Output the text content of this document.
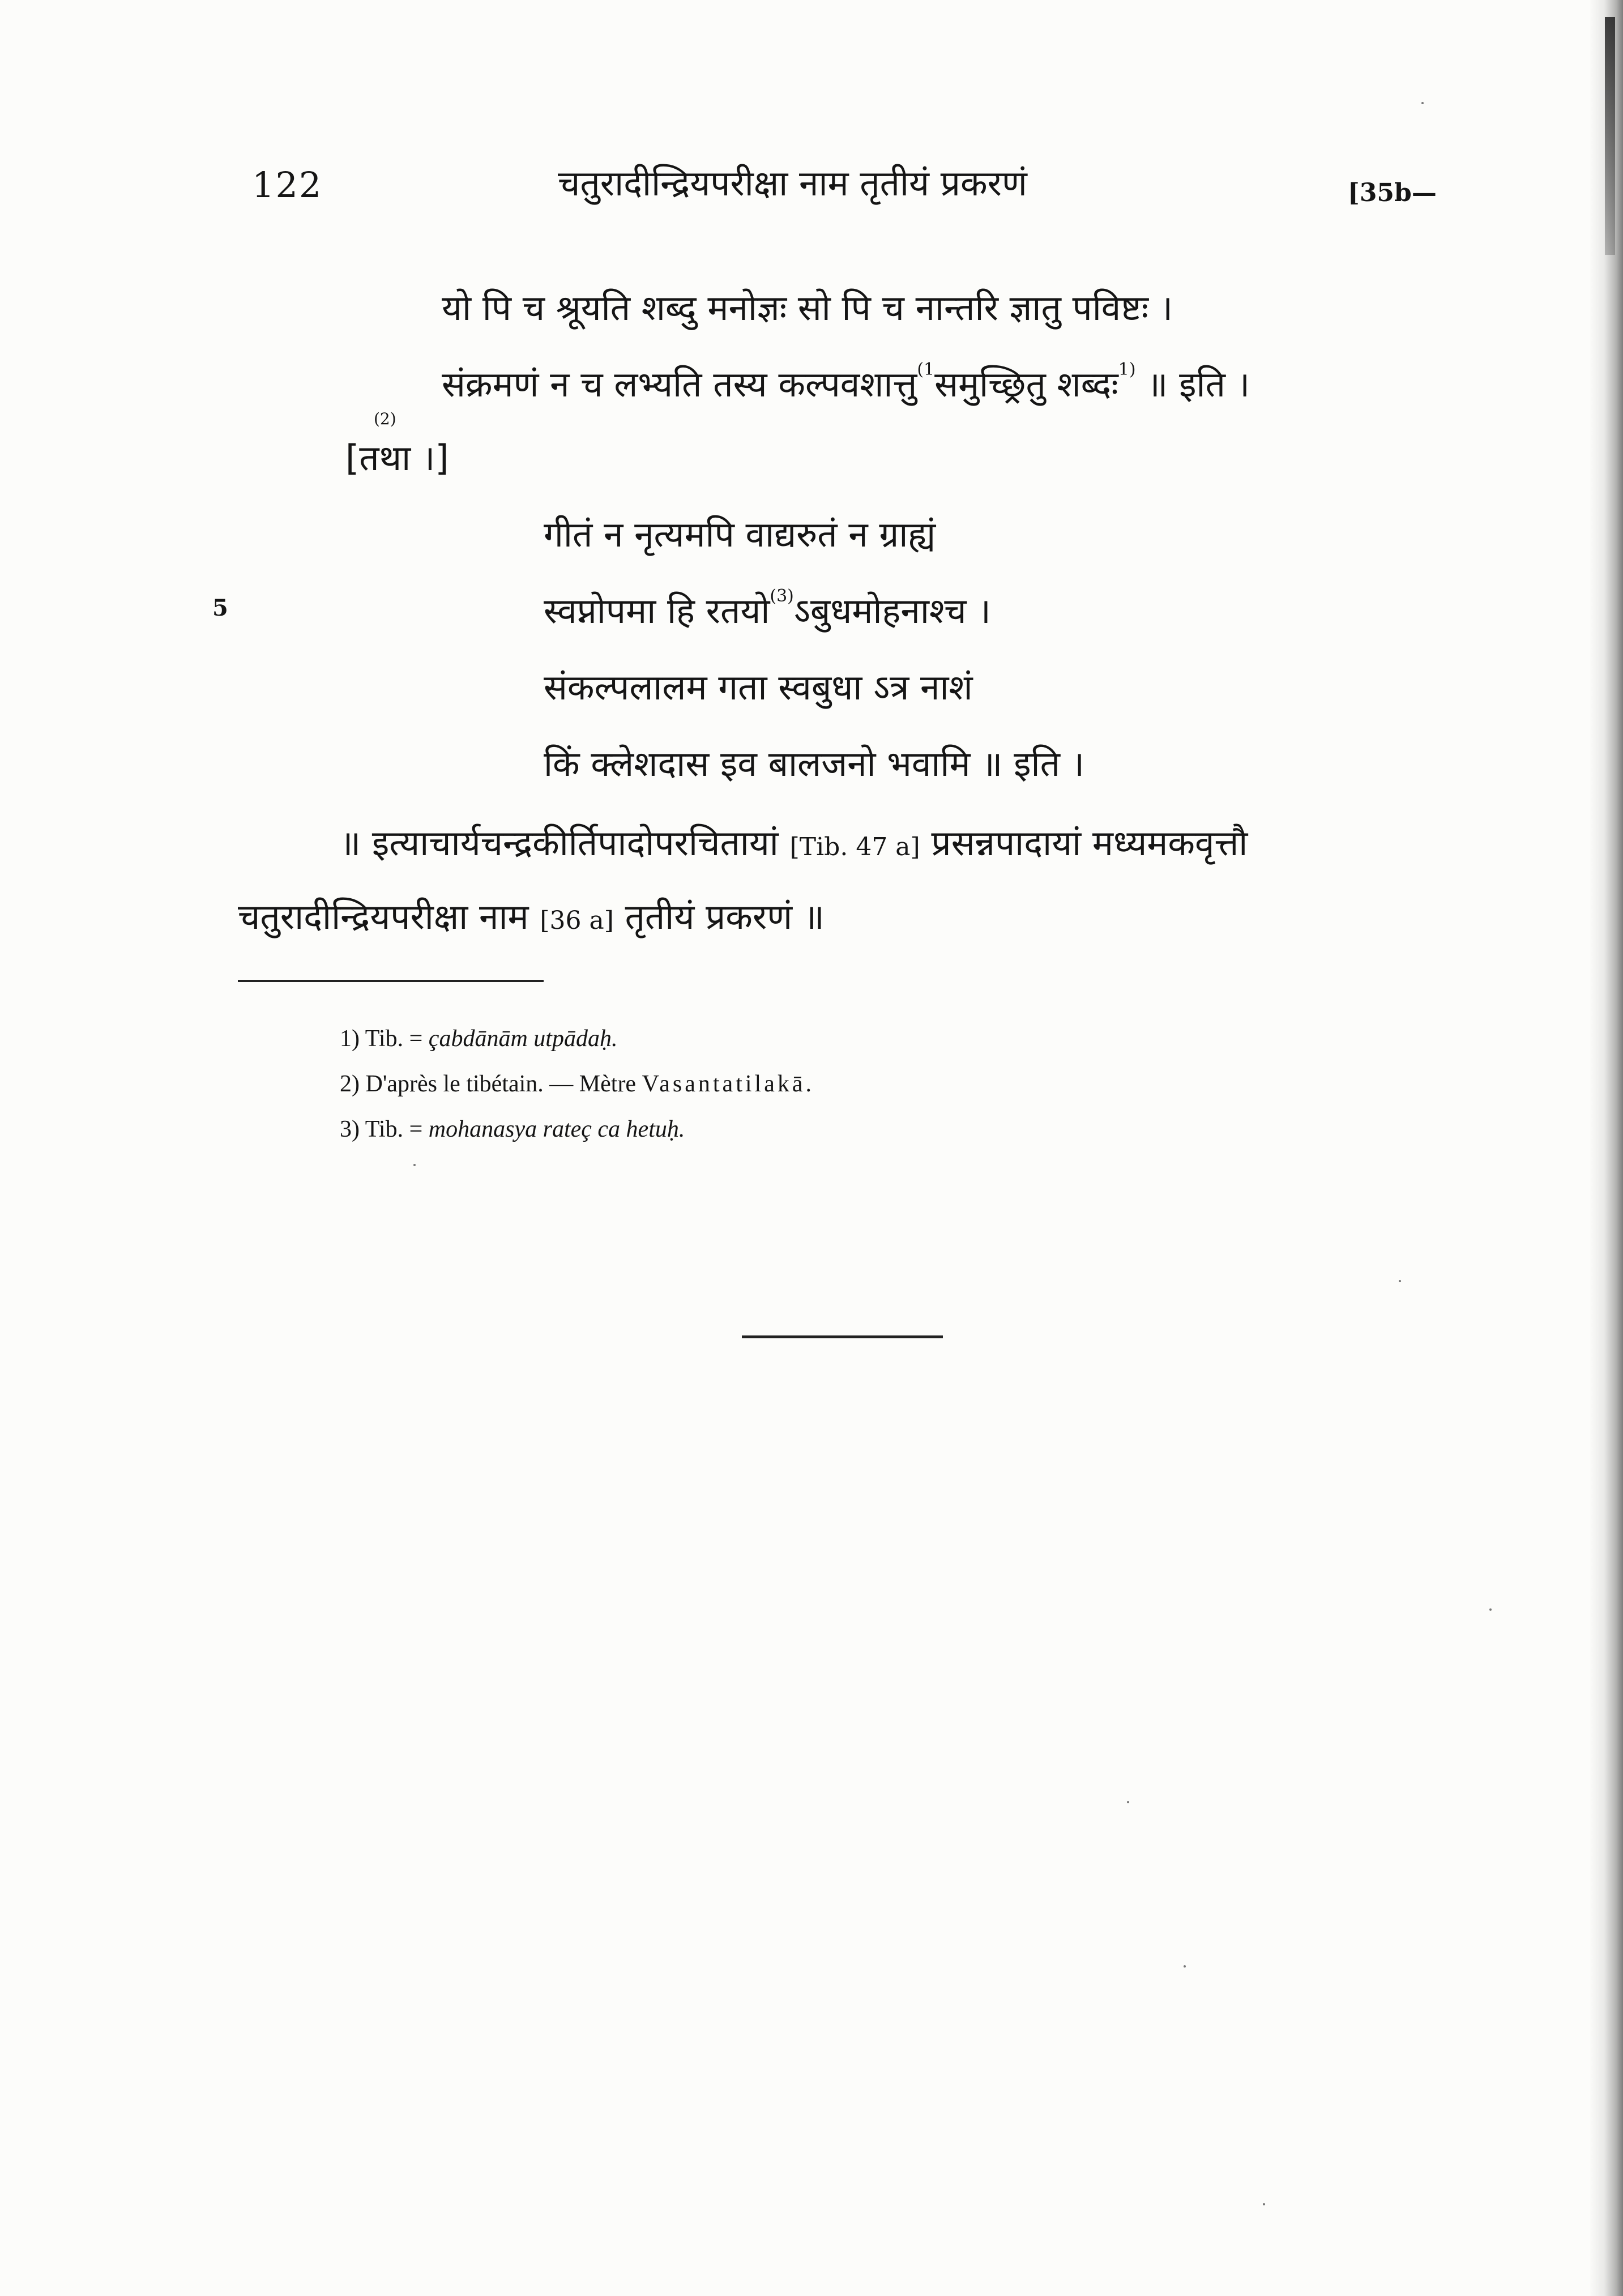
122	चतुरादीन्द्रियपरीक्षा नाम तृतीयं प्रकरणं	[35b—
यो पि च श्रूयति शब्दु मनोज्ञः सो पि च नान्तरि ज्ञातु पविष्टः ।
संक्रमणं न च लभ्यति तस्य कल्पवशात्तु$^{(1}$समुच्छ्रितु शब्दः$^{1)}$ ॥ इति ।
(2)
[तथा ।]
गीतं न नृत्यमपि वाद्यरुतं न ग्राह्यं
5	स्वप्नोपमा हि रतयो$^{(3)}$ऽबुधमोहनाश्च ।
संकल्पलालम गता स्वबुधा ऽत्र नाशं
किं क्लेशदास इव बालजनो भवामि ॥ इति ।
॥ इत्याचार्यचन्द्रकीर्तिपादोपरचितायां [Tib. 47 a] प्रसन्नपादायां मध्यमकवृत्तौ
चतुरादीन्द्रियपरीक्षा नाम [36 a] तृतीयं प्रकरणं ॥
1) Tib. = çabdānām utpādaḥ.
2) D'après le tibétain. — Mètre Vasantatilakā.
3) Tib. = mohanasya rateç ca hetuḥ.
